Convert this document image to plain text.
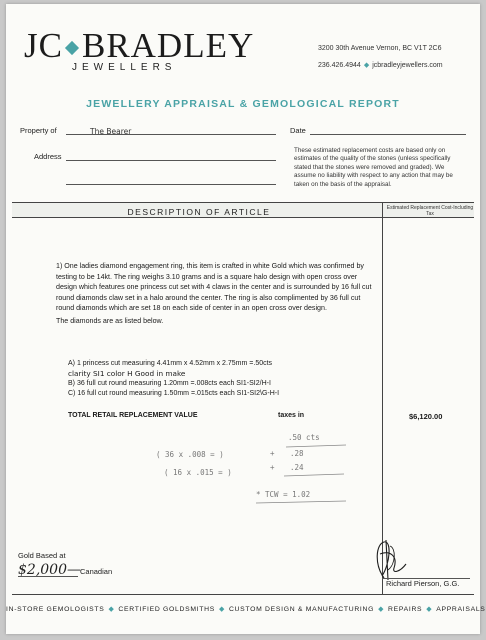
JC BRADLEY
JEWELLERS
3200 30th Avenue Vernon, BC V1T 2C6
236.426.4944 ◆ jcbradleyjewellers.com
JEWELLERY APPRAISAL & GEMOLOGICAL REPORT
Property of	The Bearer	Date
Address
These estimated replacement costs are based only on estimates of the quality of the stones (unless specifically stated that the stones were removed and graded). We assume no liability with respect to any action that may be taken on the basis of the appraisal.
DESCRIPTION OF ARTICLE	Estimated Replacement Cost-Including Tax

1) One ladies diamond engagement ring, this item is crafted in white Gold which was confirmed by testing to be 14kt. The ring weighs 3.10 grams and is a square halo design with open cross over design which features one princess cut set with 4 claws in the center and is surrounded by 16 full cut round diamonds claw set in a halo around the center. The ring is also complimented by 36 full cut round diamonds which are set 18 on each side of center in an open cross over design.

The diamonds are as listed below.

A) 1 princess cut measuring 4.41mm x 4.52mm x 2.75mm =.50cts
clarity SI1 color H Good in make
B) 36 full cut round measuring 1.20mm =.008cts each SI1-SI2/H-I
C) 16 full cut round measuring 1.50mm =.015cts each SI1-SI2\G-H-I
TOTAL RETAIL REPLACEMENT VALUE	taxes in	$6,120.00
( 36 x .008 = )
( 16 x .015 = )
.50 cts
+ .28
+ .24
* TCW = 1.02
Gold Based at
$2,000— Canadian
Richard Pierson, G.G.
IN-STORE GEMOLOGISTS ◆ CERTIFIED GOLDSMITHS ◆ CUSTOM DESIGN & MANUFACTURING ◆ REPAIRS ◆ APPRAISALS
